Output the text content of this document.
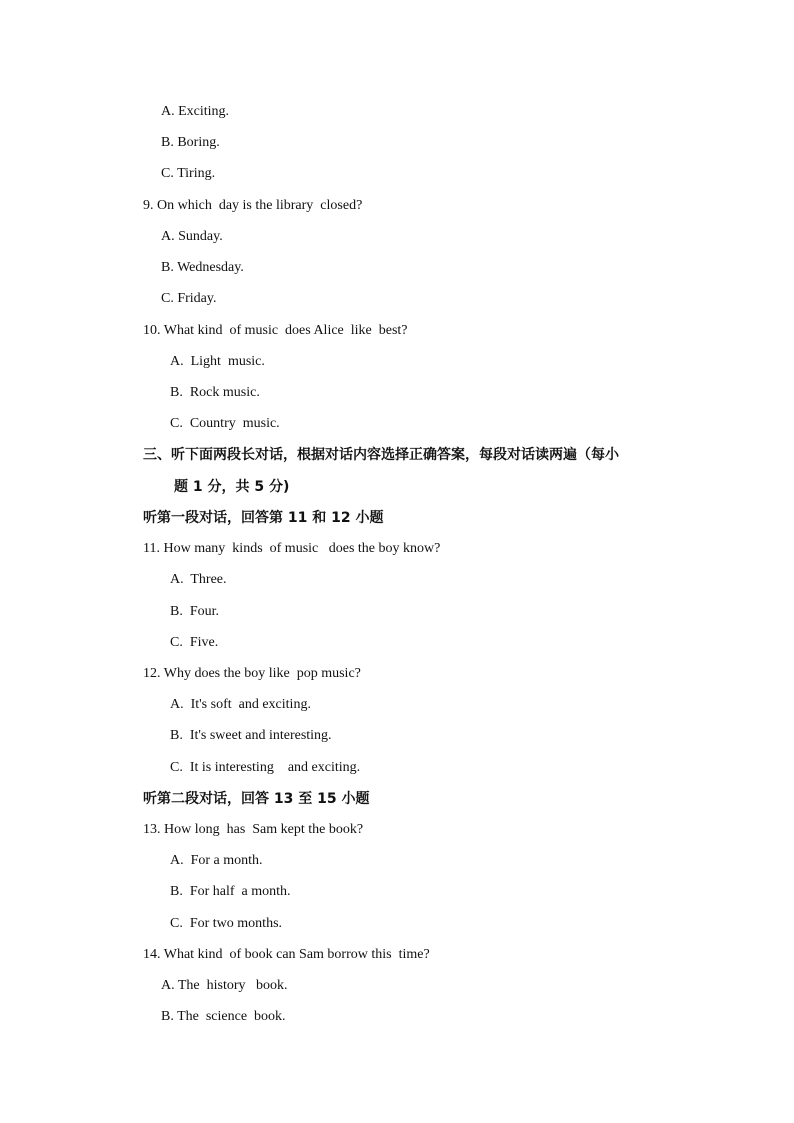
A. Exciting.
B. Boring.
C. Tiring.
9. On which  day is the library  closed?
A. Sunday.
B. Wednesday.
C. Friday.
10. What kind  of music  does Alice  like  best?
A.  Light  music.
B.  Rock music.
C.  Country  music.
三、听下面两段长对话，根据对话内容选择正确答案，每段对话读两遍（每小
题 1 分，共 5 分)
听第一段对话，回答第 11 和 12 小题
11. How many  kinds  of music   does the boy know?
A.  Three.
B.  Four.
C.  Five.
12. Why does the boy like  pop music?
A.  It's soft  and exciting.
B.  It's sweet and interesting.
C.  It is interesting    and exciting.
听第二段对话，回答 13 至 15 小题
13. How long  has  Sam kept the book?
A.  For a month.
B.  For half  a month.
C.  For two months.
14. What kind  of book can Sam borrow this  time?
A. The  history   book.
B. The  science  book.
